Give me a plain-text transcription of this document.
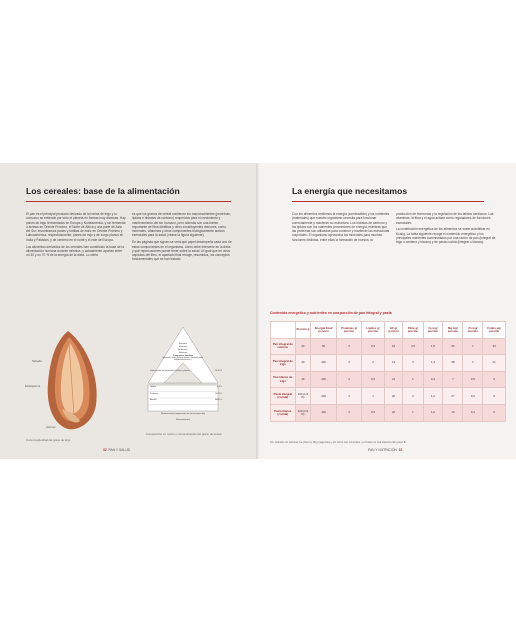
Los cereales: base de la alimentación

El pan es el principal producto derivado de la harina de trigo y lo consumo se extiende por todo el planeta en formas muy diversas. Hay panes de trigo fermentados en Europa y Norteamérica, y sin fermentar o ácimos en Oriente Próximo, el Norte de África y una parte de Asia del Sur; encontramos panes y tortillas de maíz en Oriente Próximo y Latinoamérica, respectivamente; panes de mijo y de sorgo planos en India y Pakistán, y de centeno en el norte y el este de Europa.

Los alimentos derivados de los cereales han constituido la base de la alimentación humana durante milenios, y actualmente aportan entre un 30 y un 70 % de la energía de la dieta. Lo cierto

es que los granos de cereal contienen los macronutrientes (proteínas, lípidos e hidratos de carbono) requeridos para el crecimiento y mantenimiento del ser humano, pero además son una fuente importante de fibra dietética y otros constituyentes menores, como minerales, vitaminas y otros componentes biológicamente activos esenciales para la salud (véase la figura siguiente).

En las páginas que siguen se verá qué papel desempeña cada uno de estos componentes en el organismo, cómo debe intervenir en la dieta y qué repercusiones puede tener sobre la salud. Al igual que en otros capítulos del libro, el apartado final recoge, resumidos, los conceptos fundamentales que se han tratado.

Salvado
Endosperma
Germen
Corte longitudinal del grano de trigo
Esteroles
Minerales
Ácido fítico
Vitaminas
Compuestos fenólicos
(flavonoides, ácidos fenólicos, lignanos, alquilresorcinoles, inhibidores de enzimas...)
Polisacáridos de los paredes celulares y lignina	10-15 %
Lípidos	2-3 %
Proteínas	10-15 %
Almidón	60-80 %
Micronutrientes (componentes de menor proporción)
Macronutrientes
Composición en macro y micronutrientes del grano de cereal
32 PAN Y SALUD
La energía que necesitamos

Con los alimentos recibimos la energía (combustible) y los nutrientes (materiales) que nuestro organismo necesita para funcionar correctamente y mantener su estructura. Los hidratos de carbono y los lípidos son los nutrientes proveedores de energía, mientras que las proteínas son utilizadas para construir y mantener las estructuras corporales. El organismo aprovecha los minerales para muchas funciones distintas, entre ellas la formación de huesos, la

producción de hormonas y la regulación de los latidos cardiacos. Las vitaminas, la fibra y el agua actúan como reguladores de funciones esenciales.

La contribución energética de los alimentos se suele cuantificar en Kcal/g. La tabla siguiente recoge el contenido energético y los principales nutrientes suministrados por una ración de pan (integral de trigo o centeno y blanco) y de pasta cocida (integral o blanca).

Contenido energético y nutrientes en una porción de pan integral y pasta
	Porción g	Energía Kcal/ porción	Proteínas g/ porción	Lípidos g/ porción	HC g/ porción	Fibra g/ porción	Fe mg/ porción	Mg mg/ porción	Zn mg/ porción	Folato μg/ porción
Pan integral de centeno	40	90	3	0,5	16	4,5	1,5	34	1	34
Pan integral de trigo	40	100	4	2	14	3	1,4	38	1	21
Pan blanco de trigo	40	100	3	0,5	21	1	0,4	7	0,5	9
Pasta integral (cocida)	100 (1/4 lb)	100	4	1	20	2	1,2	27	0,9	8
Pasta blanca (cocida)	100 (1/4 lb)	100	3	0,5	20	1	1,0	10	0,4	6
HC: hidratos de carbono; Fe (hierro); Mg (magnesio) y Zn (zinc) son minerales, y el folato es una vitamina del grupo B.
PAN Y NUTRICIÓN 33
